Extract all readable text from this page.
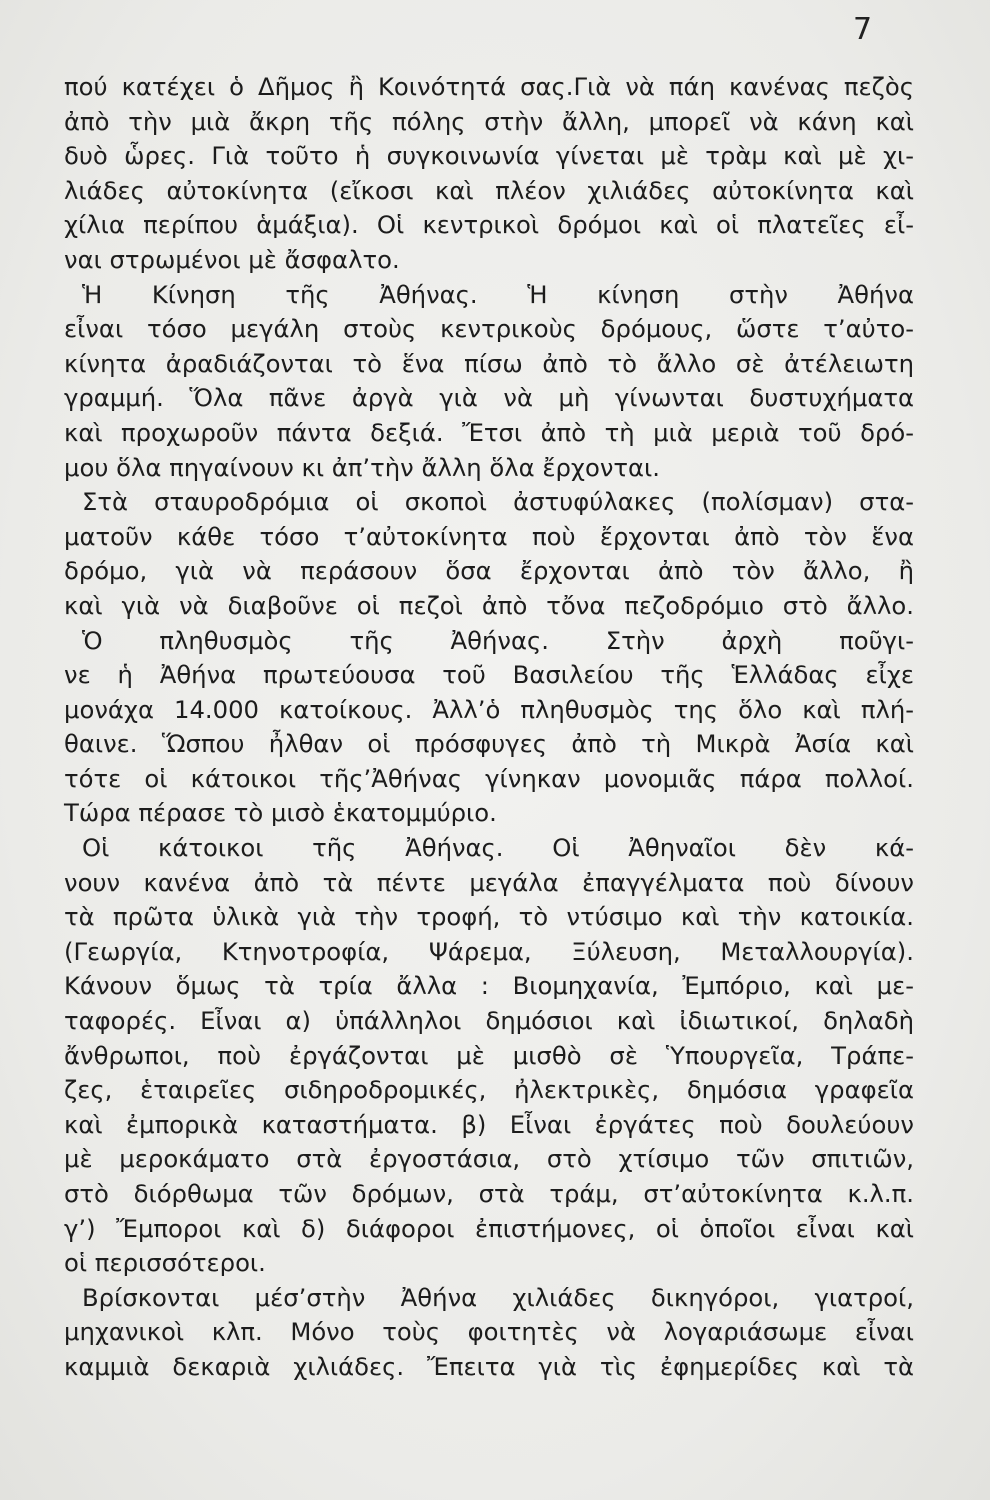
7
πού κατέχει ὁ Δῆμος ἢ Κοινότητά σας.Γιὰ νὰ πάη κανένας πεζὸς
ἀπὸ τὴν μιὰ ἄκρη τῆς πόλης στὴν ἄλλη, μπορεῖ νὰ κάνη καὶ
δυὸ ὧρες. Γιὰ τοῦτο ἡ συγκοινωνία γίνεται μὲ τρὰμ καὶ μὲ χι-
λιάδες αὐτοκίνητα (εἴκοσι καὶ πλέον χιλιάδες αὐτοκίνητα καὶ
χίλια περίπου ἁμάξια). Οἱ κεντρικοὶ δρόμοι καὶ οἱ πλατεῖες εἶ-
ναι στρωμένοι μὲ ἄσφαλτο.
Ἡ Κίνηση τῆς Ἀθήνας. Ἡ κίνηση στὴν Ἀθήνα
εἶναι τόσο μεγάλη στοὺς κεντρικοὺς δρόμους, ὥστε τ’αὐτο-
κίνητα ἀραδιάζονται τὸ ἕνα πίσω ἀπὸ τὸ ἄλλο σὲ ἀτέλειωτη
γραμμή. Ὅλα πᾶνε ἀργὰ γιὰ νὰ μὴ γίνωνται δυστυχήματα
καὶ προχωροῦν πάντα δεξιά. Ἔτσι ἀπὸ τὴ μιὰ μεριὰ τοῦ δρό-
μου ὅλα πηγαίνουν κι ἀπ’τὴν ἄλλη ὅλα ἔρχονται.
Στὰ σταυροδρόμια οἱ σκοποὶ ἀστυφύλακες (πολίσμαν) στα-
ματοῦν κάθε τόσο τ’αὐτοκίνητα ποὺ ἔρχονται ἀπὸ τὸν ἕνα
δρόμο, γιὰ νὰ περάσουν ὅσα ἔρχονται ἀπὸ τὸν ἄλλο, ἢ
καὶ γιὰ νὰ διαβοῦνε οἱ πεζοὶ ἀπὸ τὄνα πεζοδρόμιο στὸ ἄλλο.
Ὁ πληθυσμὸς τῆς Ἀθήνας. Στὴν ἀρχὴ ποῦγι-
νε ἡ Ἀθήνα πρωτεύουσα τοῦ Βασιλείου τῆς Ἑλλάδας εἶχε
μονάχα 14.000 κατοίκους. Ἀλλ’ὁ πληθυσμὸς της ὅλο καὶ πλή-
θαινε. Ὥσπου ἦλθαν οἱ πρόσφυγες ἀπὸ τὴ Μικρὰ Ἀσία καὶ
τότε οἱ κάτοικοι τῆς’Ἀθήνας γίνηκαν μονομιᾶς πάρα πολλοί.
Τώρα πέρασε τὸ μισὸ ἑκατομμύριο.
Οἱ κάτοικοι τῆς Ἀθήνας. Οἱ Ἀθηναῖοι δὲν κά-
νουν κανένα ἀπὸ τὰ πέντε μεγάλα ἐπαγγέλματα ποὺ δίνουν
τὰ πρῶτα ὑλικὰ γιὰ τὴν τροφή, τὸ ντύσιμο καὶ τὴν κατοικία.
(Γεωργία, Κτηνοτροφία, Ψάρεμα, Ξύλευση, Μεταλλουργία).
Κάνουν ὅμως τὰ τρία ἄλλα : Βιομηχανία, Ἐμπόριο, καὶ με-
ταφορές. Εἶναι α) ὑπάλληλοι δημόσιοι καὶ ἰδιωτικοί, δηλαδὴ
ἄνθρωποι, ποὺ ἐργάζονται μὲ μισθὸ σὲ Ὑπουργεῖα, Τράπε-
ζες, ἑταιρεῖες σιδηροδρομικές, ἠλεκτρικὲς, δημόσια γραφεῖα
καὶ ἐμπορικὰ καταστήματα. β) Εἶναι ἐργάτες ποὺ δουλεύουν
μὲ μεροκάματο στὰ ἐργοστάσια, στὸ χτίσιμο τῶν σπιτιῶν,
στὸ διόρθωμα τῶν δρόμων, στὰ τράμ, στ’αὐτοκίνητα κ.λ.π.
γ’) Ἔμποροι καὶ δ) διάφοροι ἐπιστήμονες, οἱ ὁποῖοι εἶναι καὶ
οἱ περισσότεροι.
Βρίσκονται μέσ’στὴν Ἀθήνα χιλιάδες δικηγόροι, γιατροί,
μηχανικοὶ κλπ. Μόνο τοὺς φοιτητὲς νὰ λογαριάσωμε εἶναι
καμμιὰ δεκαριὰ χιλιάδες. Ἔπειτα γιὰ τὶς ἐφημερίδες καὶ τὰ
